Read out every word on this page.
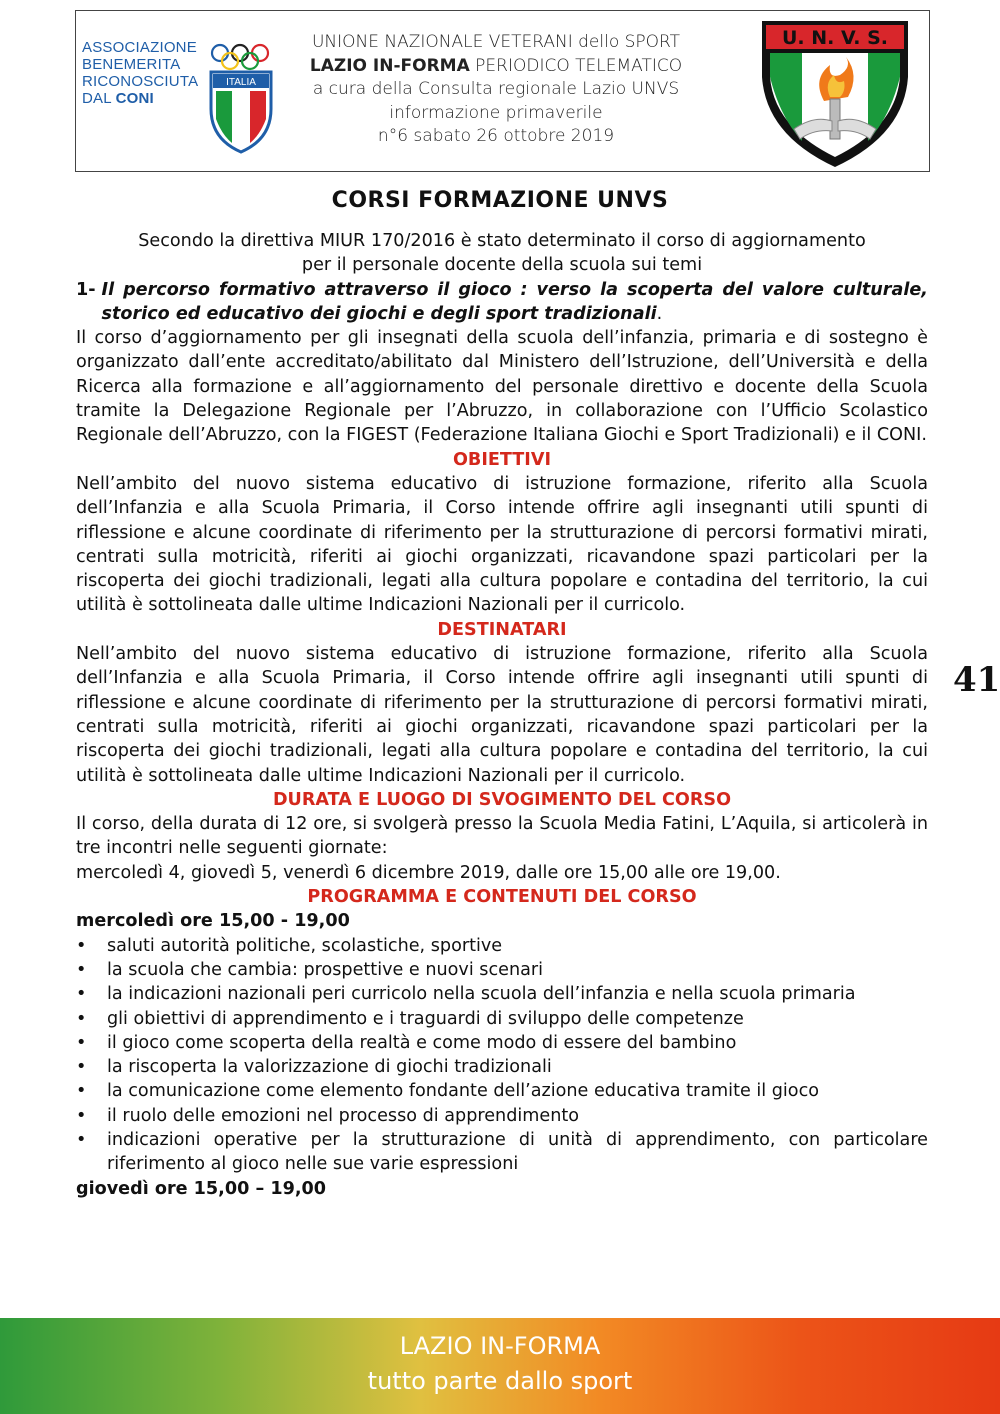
ASSOCIAZIONE
BENEMERITA
RICONOSCIUTA
DAL CONI
ITALIA
UNIONE NAZIONALE VETERANI dello SPORT
LAZIO IN-FORMA PERIODICO TELEMATICO
a cura della Consulta regionale Lazio UNVS
informazione primaverile
n°6 sabato 26 ottobre 2019
U. N. V. S.
CORSI FORMAZIONE UNVS

Secondo la direttiva MIUR 170/2016 è stato determinato il corso di aggiornamento

per il personale docente della scuola sui temi

1- Il percorso formativo attraverso il gioco : verso la scoperta del valore culturale, storico ed educativo dei giochi e degli sport tradizionali.

Il corso d’aggiornamento per gli insegnati della scuola dell’infanzia, primaria e di sostegno è organizzato dall’ente accreditato/abilitato dal Ministero dell’Istruzione, dell’Università e della Ricerca alla formazione e all’aggiornamento del personale direttivo e docente della Scuola tramite la Delegazione Regionale per l’Abruzzo, in collaborazione con l’Ufficio Scolastico Regionale dell’Abruzzo, con la FIGEST (Federazione Italiana Giochi e Sport Tradizionali) e il CONI.

OBIETTIVI

Nell’ambito del nuovo sistema educativo di istruzione formazione, riferito alla Scuola dell’Infanzia e alla Scuola Primaria, il Corso intende offrire agli insegnanti utili spunti di riflessione e alcune coordinate di riferimento per la strutturazione di percorsi formativi mirati, centrati sulla motricità, riferiti ai giochi organizzati, ricavandone spazi particolari per la riscoperta dei giochi tradizionali, legati alla cultura popolare e contadina del territorio, la cui utilità è sottolineata dalle ultime Indicazioni Nazionali per il curricolo.

DESTINATARI

Nell’ambito del nuovo sistema educativo di istruzione formazione, riferito alla Scuola dell’Infanzia e alla Scuola Primaria, il Corso intende offrire agli insegnanti utili spunti di riflessione e alcune coordinate di riferimento per la strutturazione di percorsi formativi mirati, centrati sulla motricità, riferiti ai giochi organizzati, ricavandone spazi particolari per la riscoperta dei giochi tradizionali, legati alla cultura popolare e contadina del territorio, la cui utilità è sottolineata dalle ultime Indicazioni Nazionali per il curricolo.

DURATA E LUOGO DI SVOGIMENTO DEL CORSO

Il corso, della durata di 12 ore, si svolgerà presso la Scuola Media Fatini, L’Aquila, si articolerà in tre incontri nelle seguenti giornate:

mercoledì 4, giovedì 5, venerdì 6 dicembre 2019, dalle ore 15,00 alle ore 19,00.

PROGRAMMA E CONTENUTI DEL CORSO

mercoledì ore 15,00 - 19,00

•	saluti autorità politiche, scolastiche, sportive
•	la scuola che cambia: prospettive e nuovi scenari
•	la indicazioni nazionali peri curricolo nella scuola dell’infanzia e nella scuola primaria
•	gli obiettivi di apprendimento e i traguardi di sviluppo delle competenze
•	il gioco come scoperta della realtà e come modo di essere del bambino
•	la riscoperta la valorizzazione di giochi tradizionali
•	la comunicazione come elemento fondante dell’azione educativa tramite il gioco
•	il ruolo delle emozioni nel processo di apprendimento
•	indicazioni operative per la strutturazione di unità di apprendimento, con particolare riferimento al gioco nelle sue varie espressioni

giovedì ore 15,00 – 19,00

41
LAZIO IN-FORMA
tutto parte dallo sport
